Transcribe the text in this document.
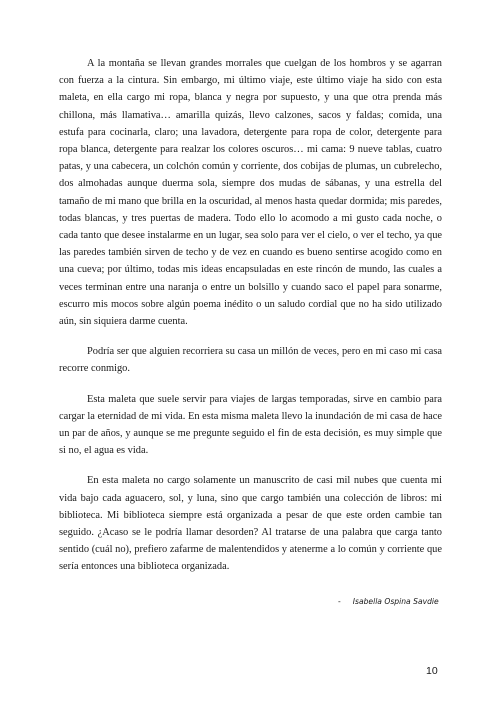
A la montaña se llevan grandes morrales que cuelgan de los hombros y se agarran con fuerza a la cintura. Sin embargo, mi último viaje, este último viaje ha sido con esta maleta, en ella cargo mi ropa, blanca y negra por supuesto, y una que otra prenda más chillona, más llamativa… amarilla quizás, llevo calzones, sacos y faldas; comida, una estufa para cocinarla, claro; una lavadora, detergente para ropa de color, detergente para ropa blanca, detergente para realzar los colores oscuros… mi cama: 9 nueve tablas, cuatro patas, y una cabecera, un colchón común y corriente, dos cobijas de plumas, un cubrelecho, dos almohadas aunque duerma sola, siempre dos mudas de sábanas, y una estrella del tamaño de mi mano que brilla en la oscuridad, al menos hasta quedar dormida; mis paredes, todas blancas, y tres puertas de madera. Todo ello lo acomodo a mi gusto cada noche, o cada tanto que desee instalarme en un lugar, sea solo para ver el cielo, o ver el techo, ya que las paredes también sirven de techo y de vez en cuando es bueno sentirse acogido como en una cueva; por último, todas mis ideas encapsuladas en este rincón de mundo, las cuales a veces terminan entre una naranja o entre un bolsillo y cuando saco el papel para sonarme, escurro mis mocos sobre algún poema inédito o un saludo cordial que no ha sido utilizado aún, sin siquiera darme cuenta.

Podría ser que alguien recorriera su casa un millón de veces, pero en mi caso mi casa recorre conmigo.

Esta maleta que suele servir para viajes de largas temporadas, sirve en cambio para cargar la eternidad de mi vida. En esta misma maleta llevo la inundación de mi casa de hace un par de años, y aunque se me pregunte seguido el fin de esta decisión, es muy simple que si no, el agua es vida.

En esta maleta no cargo solamente un manuscrito de casi mil nubes que cuenta mi vida bajo cada aguacero, sol, y luna, sino que cargo también una colección de libros: mi biblioteca. Mi biblioteca siempre está organizada a pesar de que este orden cambie tan seguido. ¿Acaso se le podría llamar desorden? Al tratarse de una palabra que carga tanto sentido (cuál no), prefiero zafarme de malentendidos y atenerme a lo común y corriente que sería entonces una biblioteca organizada.

- Isabella Ospina Savdie
10
